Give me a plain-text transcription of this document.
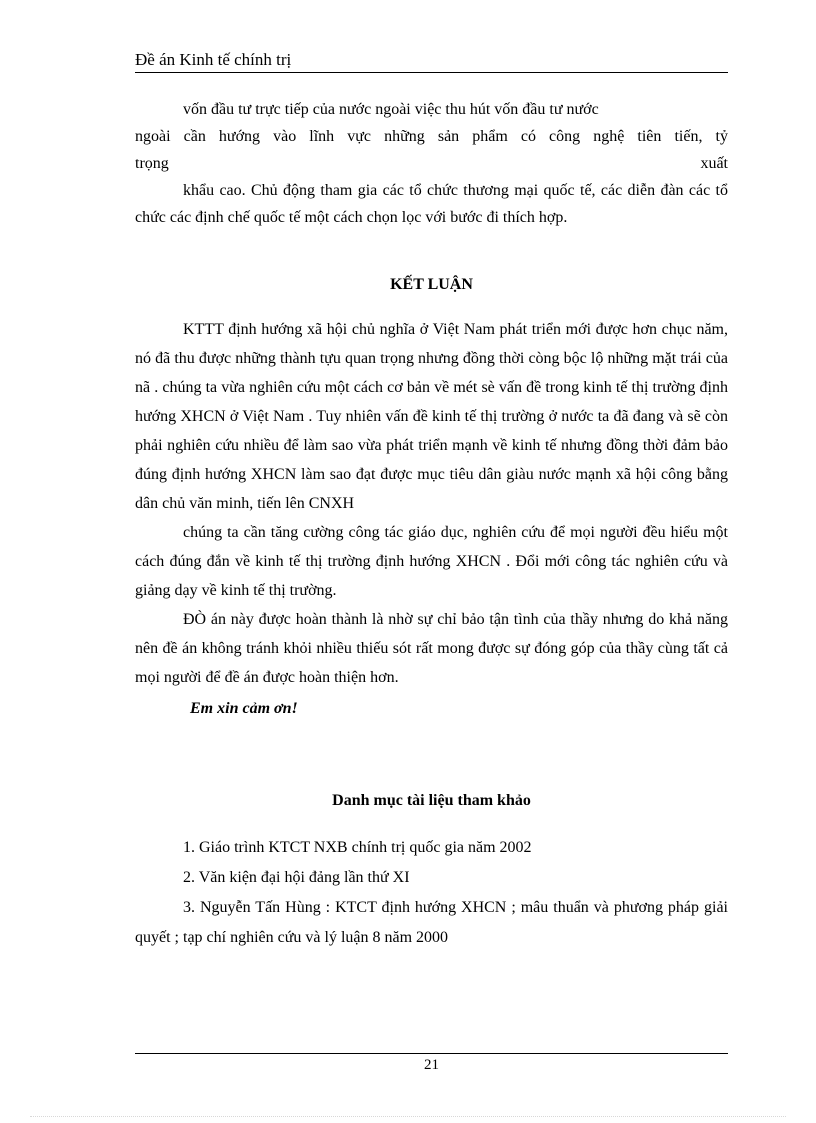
Đề án Kinh tế chính trị

vốn đầu tư trực tiếp của nước ngoài việc thu hút vốn đầu tư nước

ngoài cần hướng vào lĩnh vực những sản phẩm có công nghệ tiên tiến, tỷ

trọng	xuất

khẩu cao. Chủ động tham gia các tổ chức thương mại quốc tế, các diễn đàn các tổ chức các định chế quốc tế một cách chọn lọc với bước đi thích hợp.

KẾT LUẬN

KTTT định hướng xã hội chủ nghĩa ở Việt Nam phát triển mới được hơn chục năm, nó đã thu được những thành tựu quan trọng nhưng đồng thời còng bộc lộ những mặt trái của nã . chúng ta vừa nghiên cứu một cách cơ bản về mét sè vấn đề trong kinh tế thị trường định hướng XHCN ở Việt Nam . Tuy nhiên vấn đề kinh tế thị trường ở nước ta đã đang và sẽ còn phải nghiên cứu nhiều để làm sao vừa phát triển mạnh về kinh tế nhưng đồng thời đảm bảo đúng định hướng XHCN làm sao đạt được mục tiêu dân giàu nước mạnh xã hội công bằng dân chủ văn minh, tiến lên CNXH

chúng ta cần tăng cường công tác giáo dục, nghiên cứu để mọi người đều hiểu một cách đúng đắn về kinh tế thị trường định hướng XHCN . Đổi mới công tác nghiên cứu và giảng dạy về kinh tế thị trường.

ĐÒ án này được hoàn thành là nhờ sự chỉ bảo tận tình của thầy nhưng do khả năng nên đề án không tránh khỏi nhiều thiếu sót rất mong được sự đóng góp của thầy cùng tất cả mọi người để đề án được hoàn thiện hơn.

Em xin cảm ơn!

Danh mục tài liệu tham khảo

1. Giáo trình KTCT NXB chính trị quốc gia năm 2002

2. Văn kiện đại hội đảng lần thứ XI

3. Nguyễn Tấn Hùng : KTCT định hướng XHCN ; mâu thuẩn và phương pháp giải quyết ; tạp chí nghiên cứu và lý luận 8 năm 2000

21
